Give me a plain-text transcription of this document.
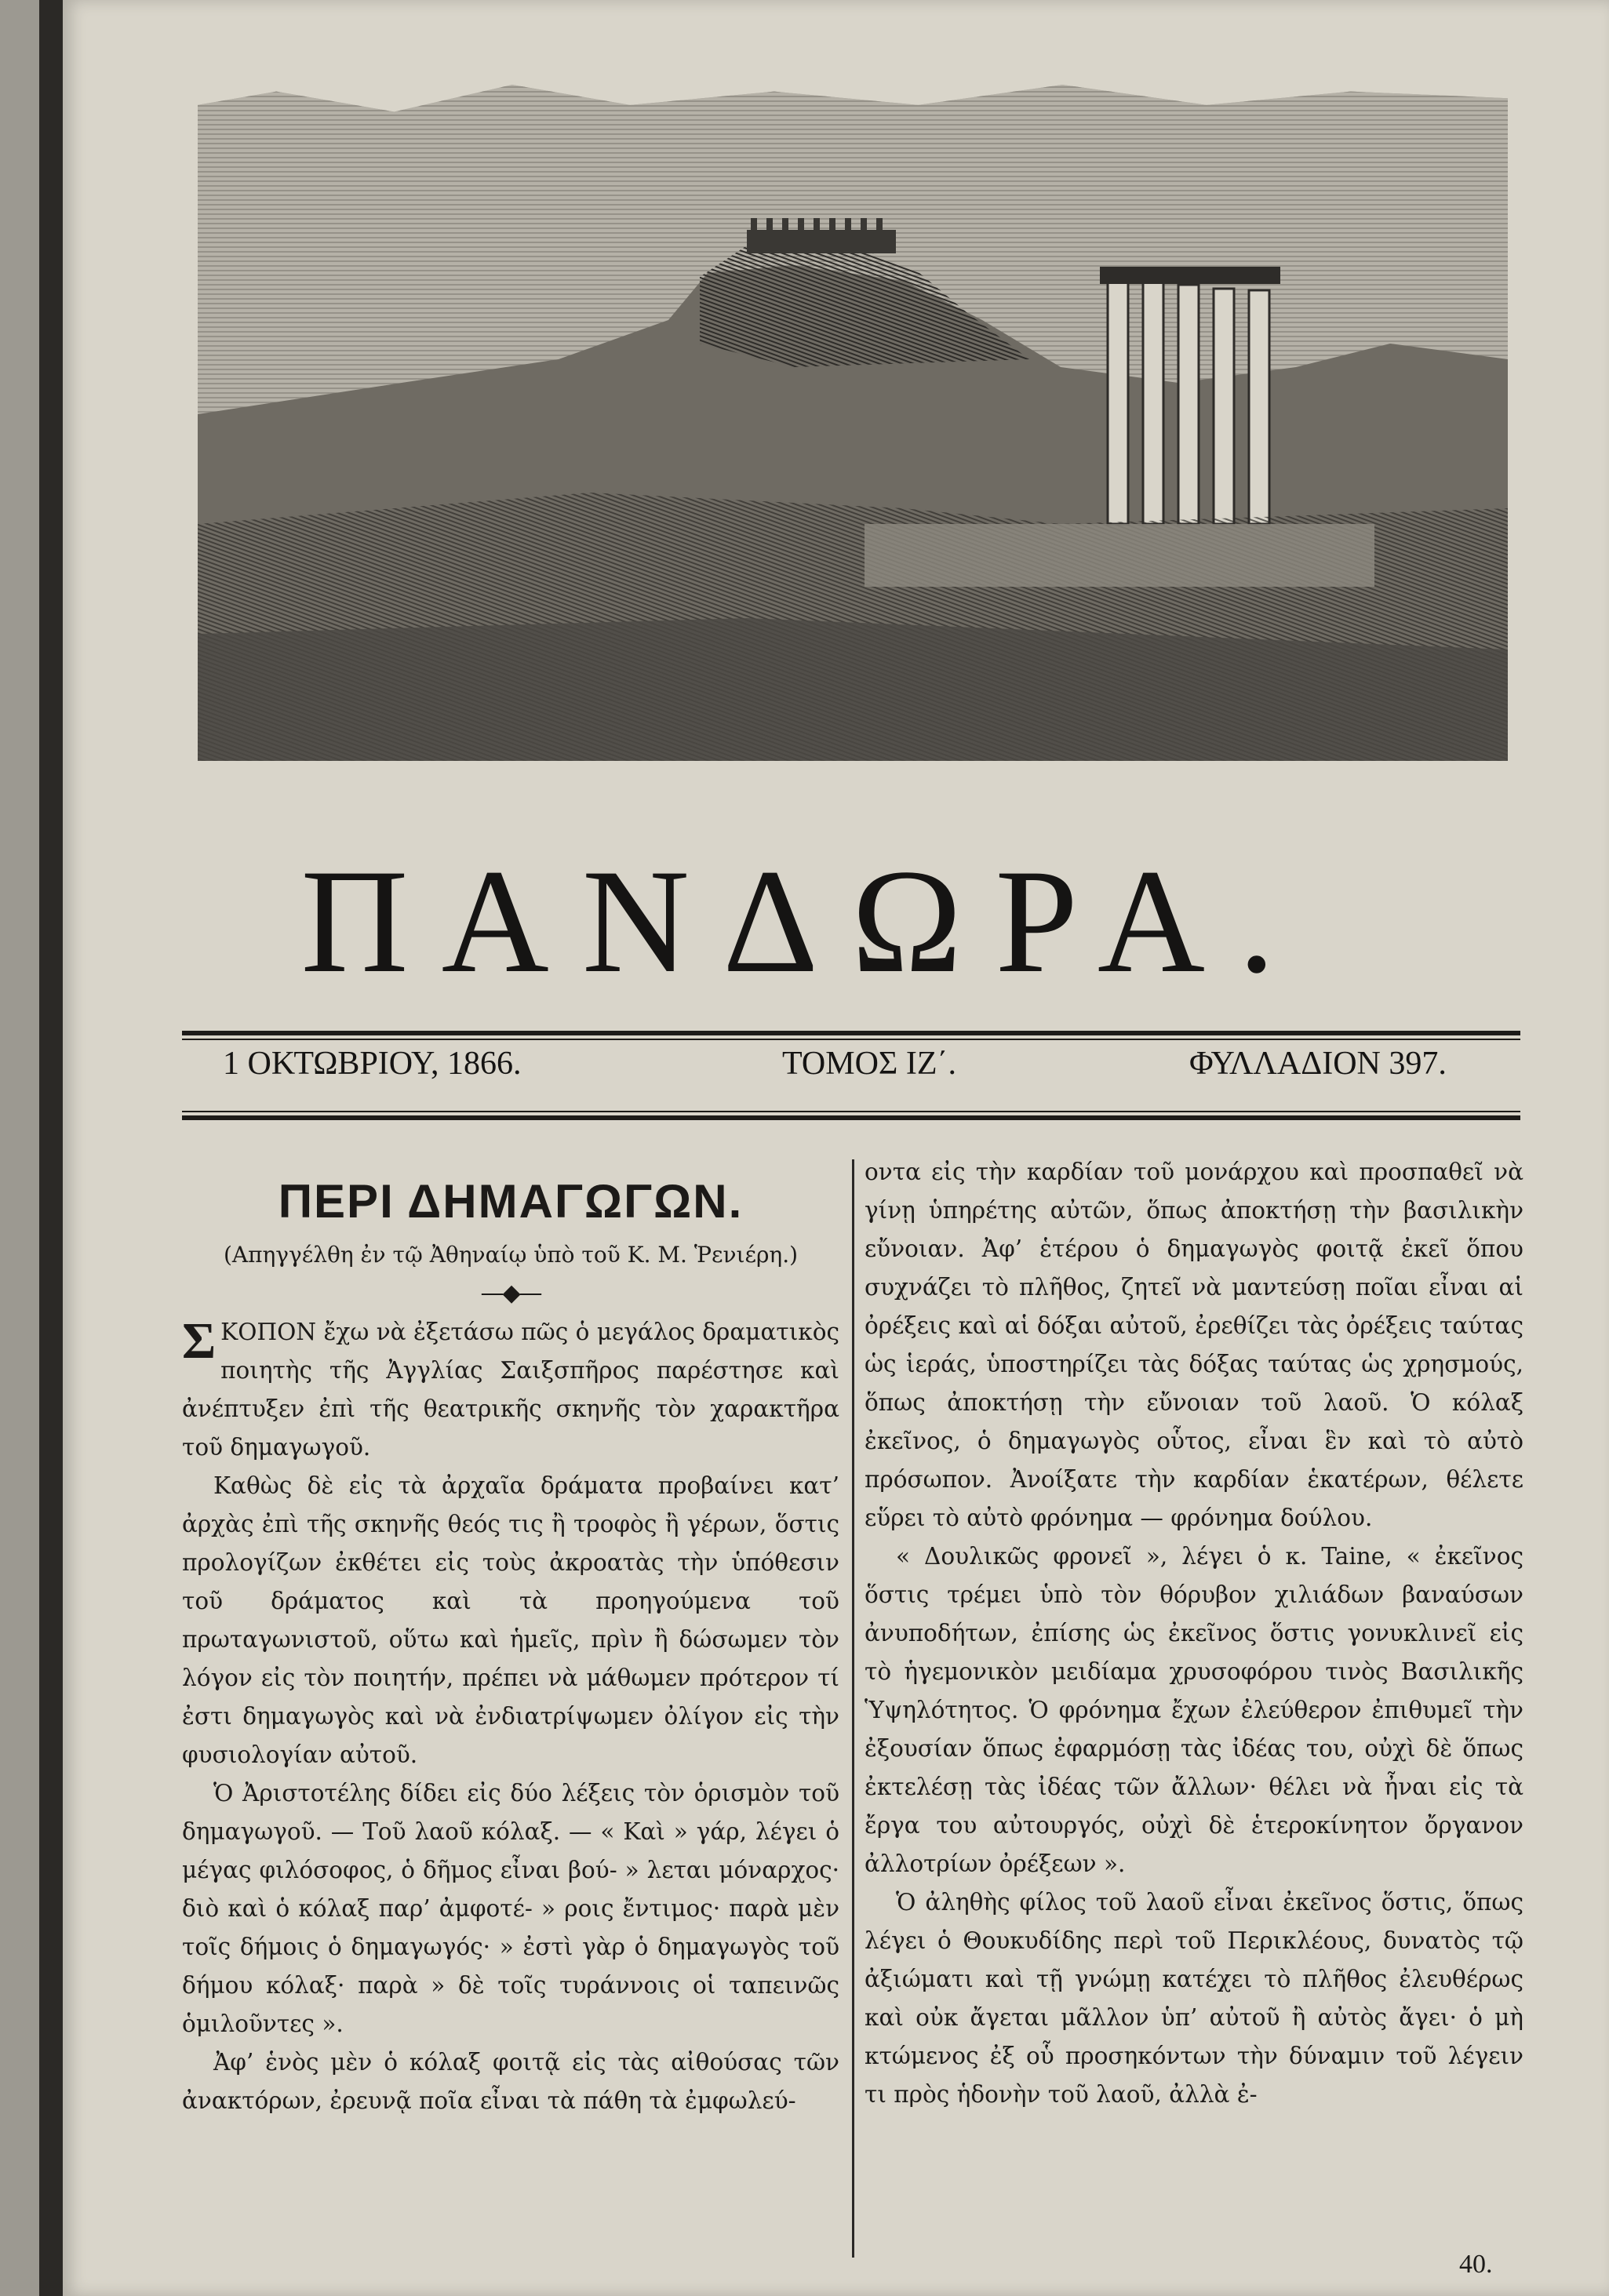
ΠΑΝΔΩΡΑ.
1 ΟΚΤΩΒΡΙΟΥ, 1866.	ΤΟΜΟΣ ΙΖ΄.	ΦΥΛΛΑΔΙΟΝ 397.
ΠΕΡΙ ΔΗΜΑΓΩΓΩΝ.
(Απηγγέλθη ἐν τῷ Ἀθηναίῳ ὑπὸ τοῦ Κ. Μ. Ῥενιέρη.)
—◆—

Σ ΚΟΠΟΝ ἔχω νὰ ἐξετάσω πῶς ὁ μεγάλος δραματικὸς ποιητὴς τῆς Ἀγγλίας Σαιξσπῆρος παρέστησε καὶ ἀνέπτυξεν ἐπὶ τῆς θεατρικῆς σκηνῆς τὸν χαρακτῆρα τοῦ δημαγωγοῦ.

Καθὼς δὲ εἰς τὰ ἀρχαῖα δράματα προβαίνει κατ’ ἀρχὰς ἐπὶ τῆς σκηνῆς θεός τις ἢ τροφὸς ἢ γέρων, ὅστις προλογίζων ἐκθέτει εἰς τοὺς ἀκροατὰς τὴν ὑπόθεσιν τοῦ δράματος καὶ τὰ προηγούμενα τοῦ πρωταγωνιστοῦ, οὕτω καὶ ἡμεῖς, πρὶν ἢ δώσωμεν τὸν λόγον εἰς τὸν ποιητήν, πρέπει νὰ μάθωμεν πρότερον τί ἐστι δημαγωγὸς καὶ νὰ ἐνδιατρίψωμεν ὀλίγον εἰς τὴν φυσιολογίαν αὐτοῦ.

Ὁ Ἀριστοτέλης δίδει εἰς δύο λέξεις τὸν ὁρισμὸν τοῦ δημαγωγοῦ. — Τοῦ λαοῦ κόλαξ. — « Καὶ » γάρ, λέγει ὁ μέγας φιλόσοφος, ὁ δῆμος εἶναι βού- » λεται μόναρχος· διὸ καὶ ὁ κόλαξ παρ’ ἀμφοτέ- » ροις ἔντιμος· παρὰ μὲν τοῖς δήμοις ὁ δημαγωγός· » ἐστὶ γὰρ ὁ δημαγωγὸς τοῦ δήμου κόλαξ· παρὰ » δὲ τοῖς τυράννοις οἱ ταπεινῶς ὁμιλοῦντες ».

Ἀφ’ ἑνὸς μὲν ὁ κόλαξ φοιτᾷ εἰς τὰς αἰθούσας τῶν ἀνακτόρων, ἐρευνᾷ ποῖα εἶναι τὰ πάθη τὰ ἐμφωλεύ-

οντα εἰς τὴν καρδίαν τοῦ μονάρχου καὶ προσπαθεῖ νὰ γίνῃ ὑπηρέτης αὐτῶν, ὅπως ἀποκτήσῃ τὴν βασιλικὴν εὔνοιαν. Ἀφ’ ἑτέρου ὁ δημαγωγὸς φοιτᾷ ἐκεῖ ὅπου συχνάζει τὸ πλῆθος, ζητεῖ νὰ μαντεύσῃ ποῖαι εἶναι αἱ ὀρέξεις καὶ αἱ δόξαι αὐτοῦ, ἐρεθίζει τὰς ὀρέξεις ταύτας ὡς ἱεράς, ὑποστηρίζει τὰς δόξας ταύτας ὡς χρησμούς, ὅπως ἀποκτήσῃ τὴν εὔνοιαν τοῦ λαοῦ. Ὁ κόλαξ ἐκεῖνος, ὁ δημαγωγὸς οὗτος, εἶναι ἓν καὶ τὸ αὐτὸ πρόσωπον. Ἀνοίξατε τὴν καρδίαν ἑκατέρων, θέλετε εὕρει τὸ αὐτὸ φρόνημα — φρόνημα δούλου.

« Δουλικῶς φρονεῖ », λέγει ὁ κ. Taine, « ἐκεῖνος ὅστις τρέμει ὑπὸ τὸν θόρυβον χιλιάδων βαναύσων ἀνυποδήτων, ἐπίσης ὡς ἐκεῖνος ὅστις γονυκλινεῖ εἰς τὸ ἡγεμονικὸν μειδίαμα χρυσοφόρου τινὸς Βασιλικῆς Ὑψηλότητος. Ὁ φρόνημα ἔχων ἐλεύθερον ἐπιθυμεῖ τὴν ἐξουσίαν ὅπως ἐφαρμόσῃ τὰς ἰδέας του, οὐχὶ δὲ ὅπως ἐκτελέσῃ τὰς ἰδέας τῶν ἄλλων· θέλει νὰ ἦναι εἰς τὰ ἔργα του αὐτουργός, οὐχὶ δὲ ἑτεροκίνητον ὄργανον ἀλλοτρίων ὀρέξεων ».

Ὁ ἀληθὴς φίλος τοῦ λαοῦ εἶναι ἐκεῖνος ὅστις, ὅπως λέγει ὁ Θουκυδίδης περὶ τοῦ Περικλέους, δυνατὸς τῷ ἀξιώματι καὶ τῇ γνώμῃ κατέχει τὸ πλῆθος ἐλευθέρως καὶ οὐκ ἄγεται μᾶλλον ὑπ’ αὐτοῦ ἢ αὐτὸς ἄγει· ὁ μὴ κτώμενος ἐξ οὗ προσηκόντων τὴν δύναμιν τοῦ λέγειν τι πρὸς ἡδονὴν τοῦ λαοῦ, ἀλλὰ ἐ-

40.
